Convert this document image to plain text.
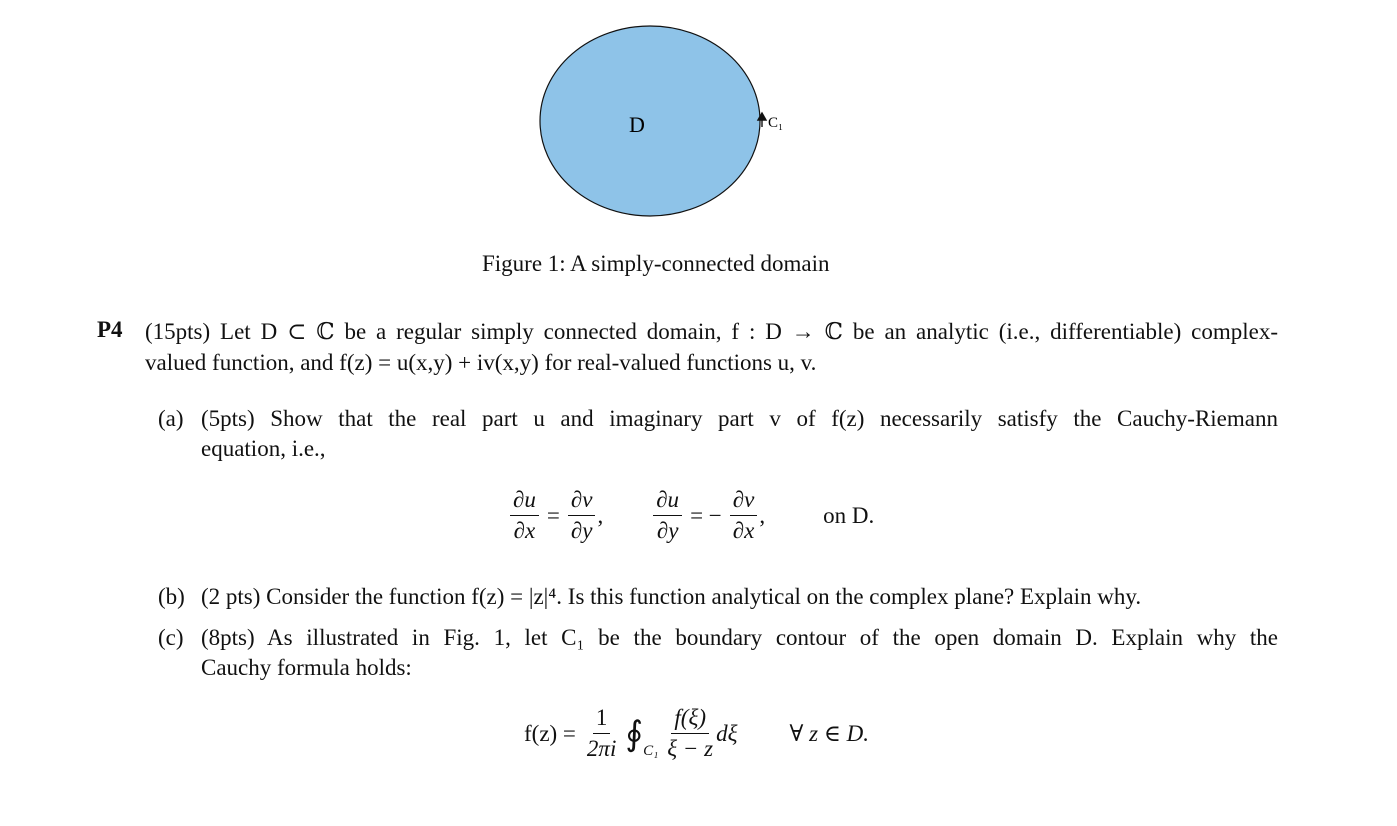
D	C₁
Figure 1: A simply-connected domain
P4 (15pts) Let D ⊂ ℂ be a regular simply connected domain, f : D → ℂ be an analytic (i.e., differentiable) complex-
valued function, and f(z) = u(x,y) + iv(x,y) for real-valued functions u, v.
(a) (5pts) Show that the real part u and imaginary part v of f(z) necessarily satisfy the Cauchy-Riemann
equation, i.e.,
$\frac{\partial u}{\partial x} = \frac{\partial v}{\partial y}$ , $\frac{\partial u}{\partial y}$ = − $\frac{\partial v}{\partial x}$ ,	on D.
(b) (2 pts) Consider the function f(z) = |z|⁴. Is this function analytical on the complex plane? Explain why.
(c) (8pts) As illustrated in Fig. 1, let C₁ be the boundary contour of the open domain D. Explain why the
Cauchy formula holds:
$f(z) = \frac{1}{2\pi i}$ ∮ $C_1 \frac{f(\xi)}{\xi - z}$ dξ ∀ z ∈ D.
